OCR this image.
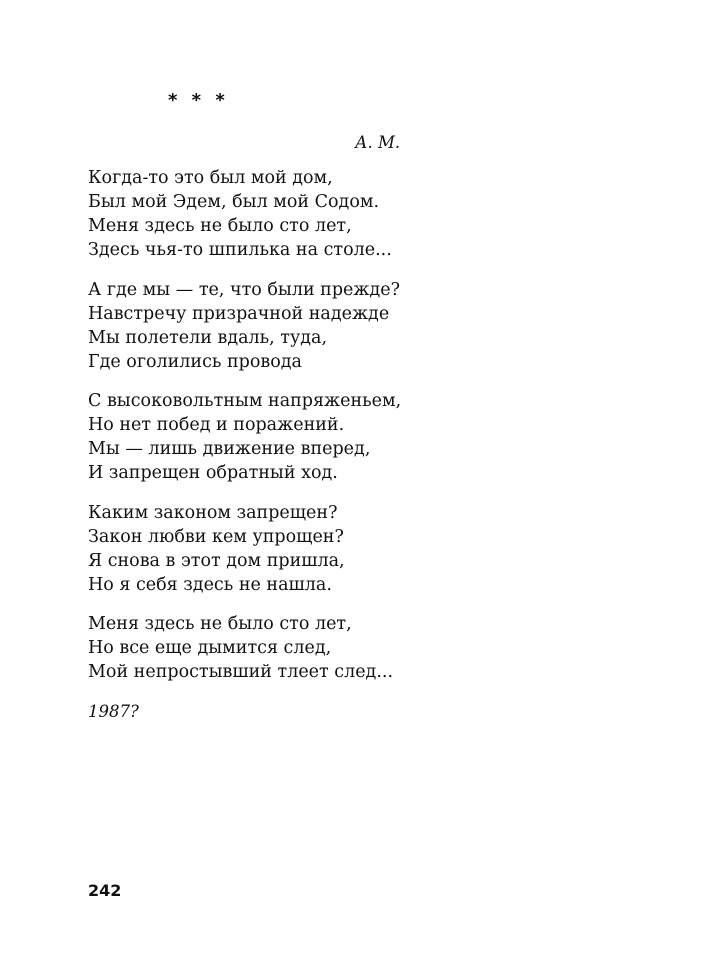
* * *
А. М.
Когда-то это был мой дом,
Был мой Эдем, был мой Содом.
Меня здесь не было сто лет,
Здесь чья-то шпилька на столе...
А где мы — те, что были прежде?
Навстречу призрачной надежде
Мы полетели вдаль, туда,
Где оголились провода
С высоковольтным напряженьем,
Но нет побед и поражений.
Мы — лишь движение вперед,
И запрещен обратный ход.
Каким законом запрещен?
Закон любви кем упрощен?
Я снова в этот дом пришла,
Но я себя здесь не нашла.
Меня здесь не было сто лет,
Но все еще дымится след,
Мой непростывший тлеет след...
1987?
242
